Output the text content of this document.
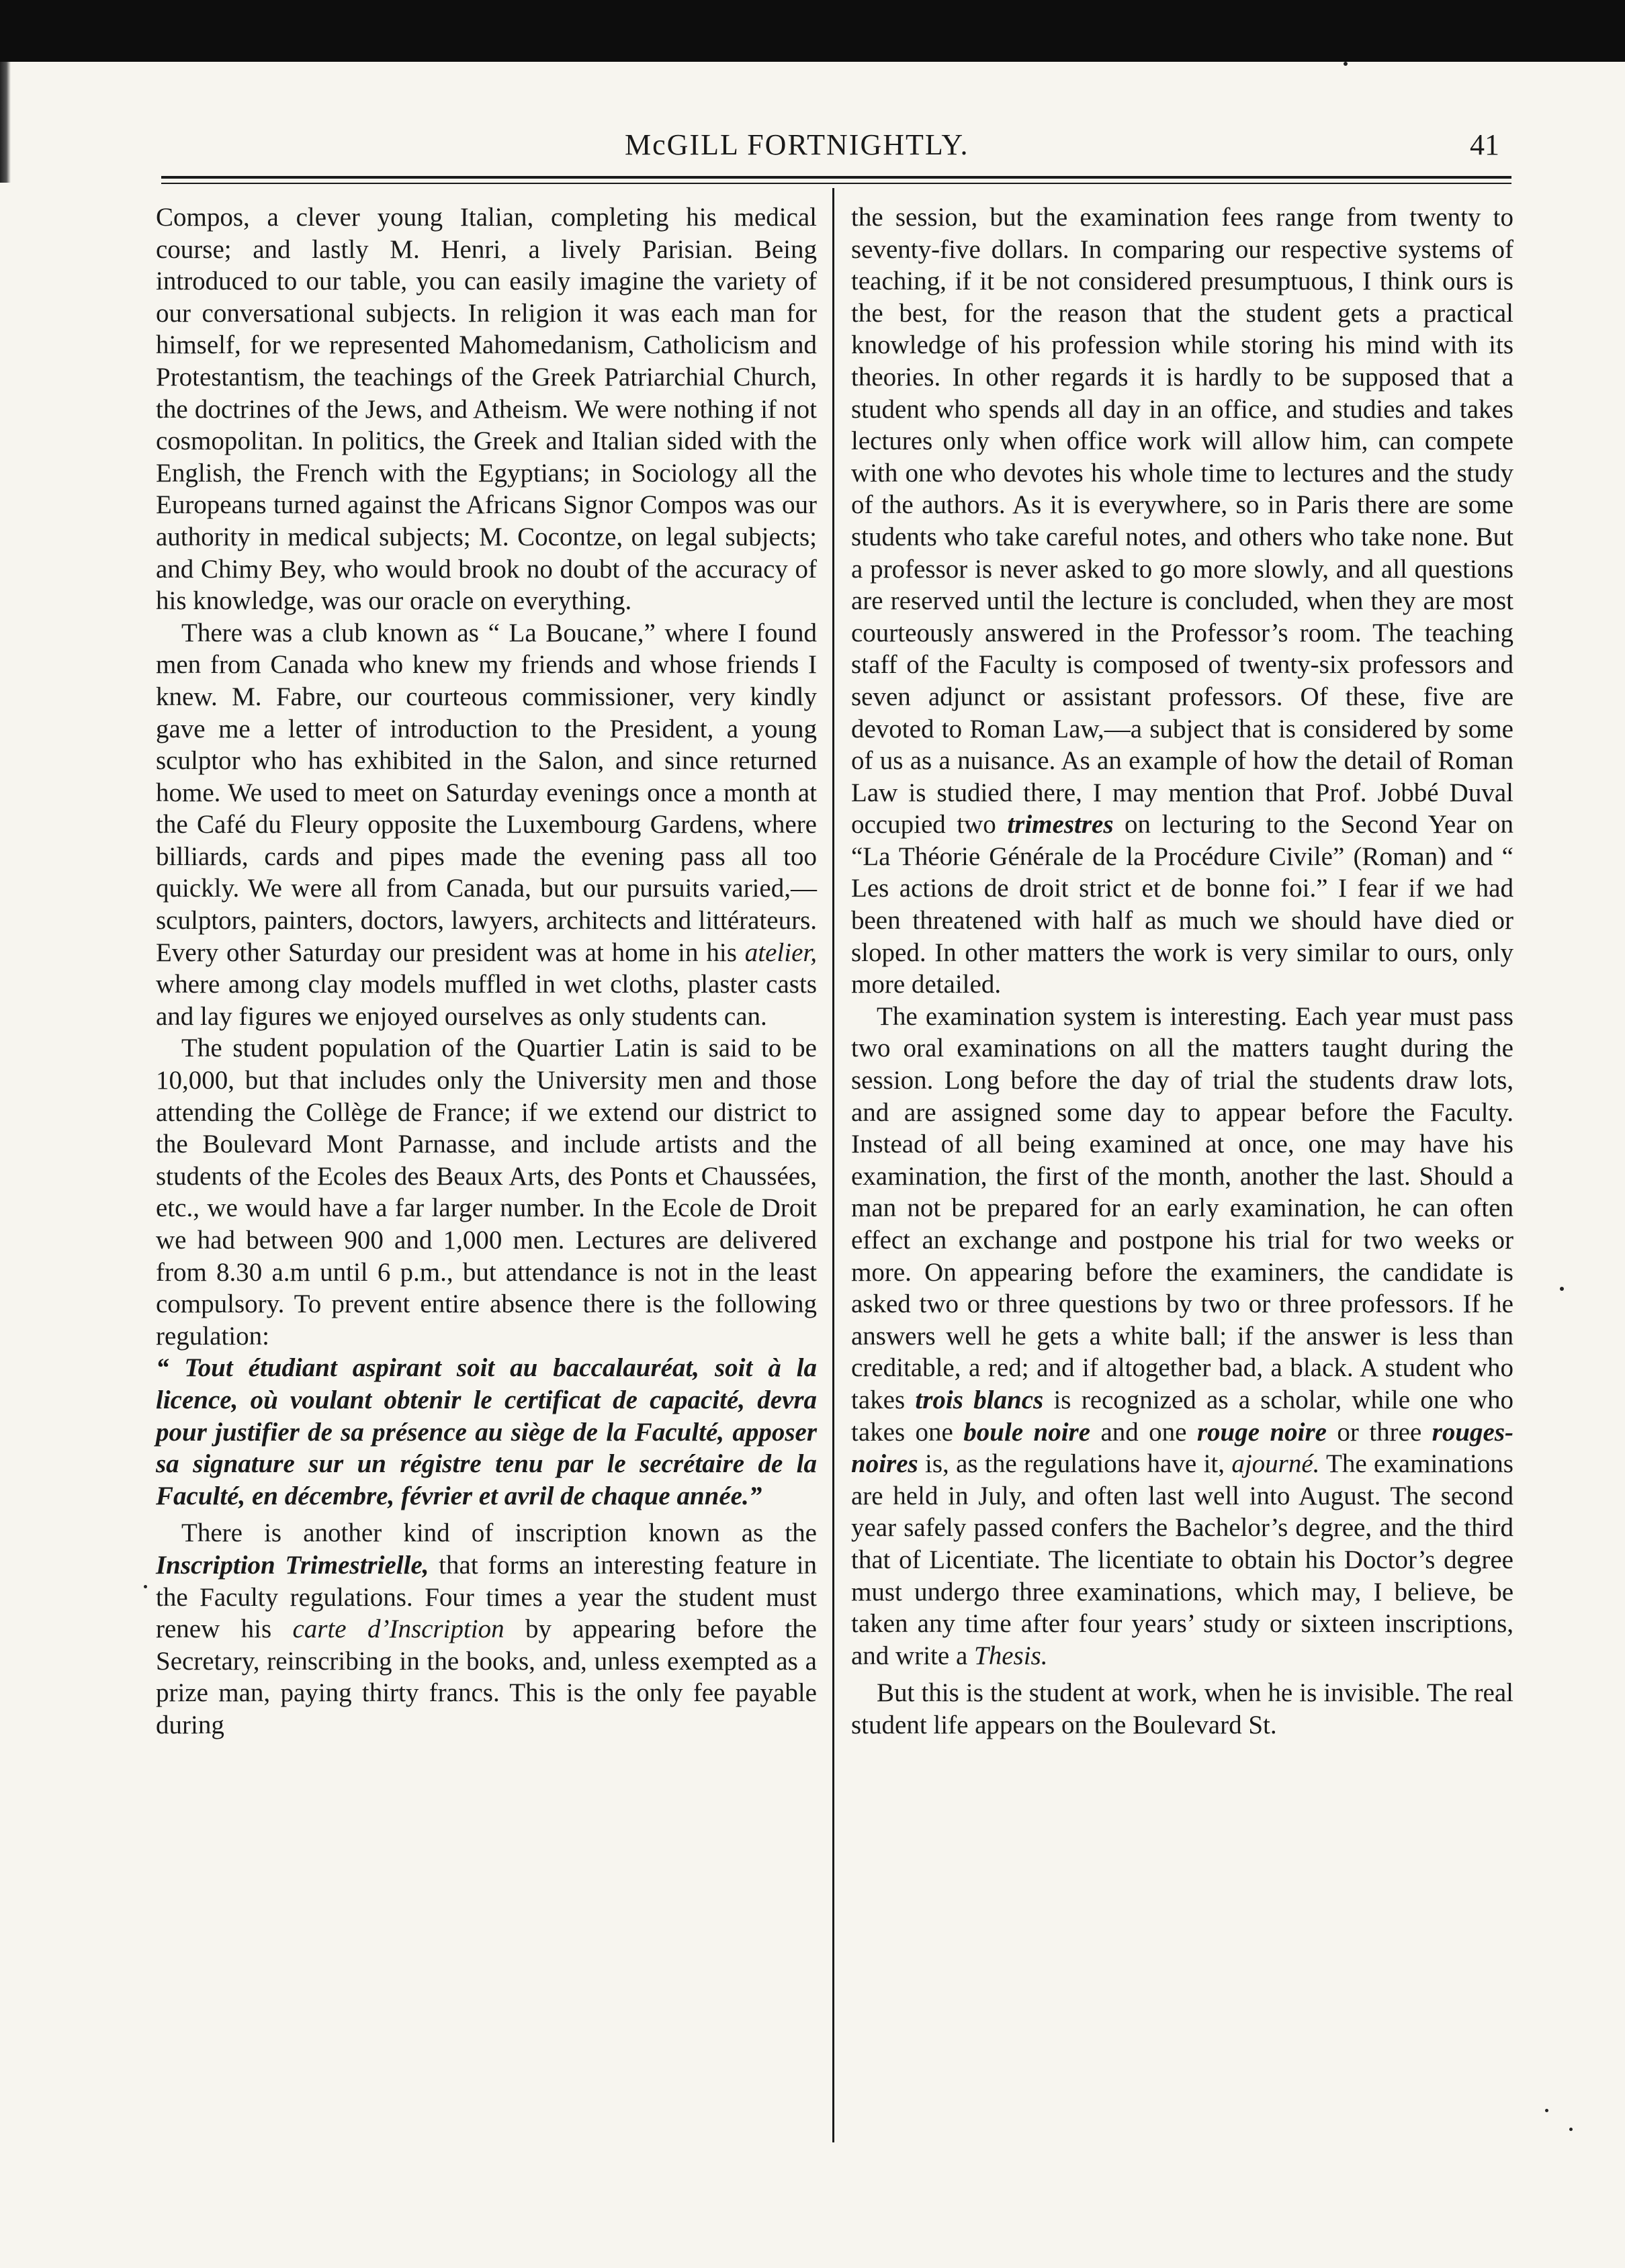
McGILL FORTNIGHTLY.	41

Compos, a clever young Italian, completing his medical course; and lastly M. Henri, a lively Parisian. Being introduced to our table, you can easily imagine the variety of our conversational subjects. In religion it was each man for himself, for we represented Mahomedanism, Catholicism and Protestantism, the teachings of the Greek Patriarchial Church, the doctrines of the Jews, and Atheism. We were nothing if not cosmopolitan. In politics, the Greek and Italian sided with the English, the French with the Egyptians; in Sociology all the Europeans turned against the Africans Signor Compos was our authority in medical subjects; M. Cocontze, on legal subjects; and Chimy Bey, who would brook no doubt of the accuracy of his knowledge, was our oracle on everything.

There was a club known as “ La Boucane,” where I found men from Canada who knew my friends and whose friends I knew. M. Fabre, our courteous commissioner, very kindly gave me a letter of introduction to the President, a young sculptor who has exhibited in the Salon, and since returned home. We used to meet on Saturday evenings once a month at the Café du Fleury opposite the Luxembourg Gardens, where billiards, cards and pipes made the evening pass all too quickly. We were all from Canada, but our pursuits varied,—sculptors, painters, doctors, lawyers, architects and littérateurs. Every other Saturday our president was at home in his atelier, where among clay models muffled in wet cloths, plaster casts and lay figures we enjoyed ourselves as only students can.

The student population of the Quartier Latin is said to be 10,000, but that includes only the University men and those attending the Collège de France; if we extend our district to the Boulevard Mont Parnasse, and include artists and the students of the Ecoles des Beaux Arts, des Ponts et Chaussées, etc., we would have a far larger number. In the Ecole de Droit we had between 900 and 1,000 men. Lectures are delivered from 8.30 a.m until 6 p.m., but attendance is not in the least compulsory. To prevent entire absence there is the following regulation:

“ Tout étudiant aspirant soit au baccalauréat, soit à la licence, où voulant obtenir le certificat de capacité, devra pour justifier de sa présence au siège de la Faculté, apposer sa signature sur un régistre tenu par le secrétaire de la Faculté, en décembre, février et avril de chaque année.”

There is another kind of inscription known as the Inscription Trimestrielle, that forms an interesting feature in the Faculty regulations. Four times a year the student must renew his carte d’Inscription by appearing before the Secretary, reinscribing in the books, and, unless exempted as a prize man, paying thirty francs. This is the only fee payable during

the session, but the examination fees range from twenty to seventy-five dollars. In comparing our respective systems of teaching, if it be not considered presumptuous, I think ours is the best, for the reason that the student gets a practical knowledge of his profession while storing his mind with its theories. In other regards it is hardly to be supposed that a student who spends all day in an office, and studies and takes lectures only when office work will allow him, can compete with one who devotes his whole time to lectures and the study of the authors. As it is everywhere, so in Paris there are some students who take careful notes, and others who take none. But a professor is never asked to go more slowly, and all questions are reserved until the lecture is concluded, when they are most courteously answered in the Professor’s room. The teaching staff of the Faculty is composed of twenty-six professors and seven adjunct or assistant professors. Of these, five are devoted to Roman Law,—a subject that is considered by some of us as a nuisance. As an example of how the detail of Roman Law is studied there, I may mention that Prof. Jobbé Duval occupied two trimestres on lecturing to the Second Year on “La Théorie Générale de la Procédure Civile” (Roman) and “ Les actions de droit strict et de bonne foi.” I fear if we had been threatened with half as much we should have died or sloped. In other matters the work is very similar to ours, only more detailed.

The examination system is interesting. Each year must pass two oral examinations on all the matters taught during the session. Long before the day of trial the students draw lots, and are assigned some day to appear before the Faculty. Instead of all being examined at once, one may have his examination, the first of the month, another the last. Should a man not be prepared for an early examination, he can often effect an exchange and postpone his trial for two weeks or more. On appearing before the examiners, the candidate is asked two or three questions by two or three professors. If he answers well he gets a white ball; if the answer is less than creditable, a red; and if altogether bad, a black. A student who takes trois blancs is recognized as a scholar, while one who takes one boule noire and one rouge noire or three rouges-noires is, as the regulations have it, ajourné. The examinations are held in July, and often last well into August. The second year safely passed confers the Bachelor’s degree, and the third that of Licentiate. The licentiate to obtain his Doctor’s degree must undergo three examinations, which may, I believe, be taken any time after four years’ study or sixteen inscriptions, and write a Thesis.

But this is the student at work, when he is invisible. The real student life appears on the Boulevard St.
